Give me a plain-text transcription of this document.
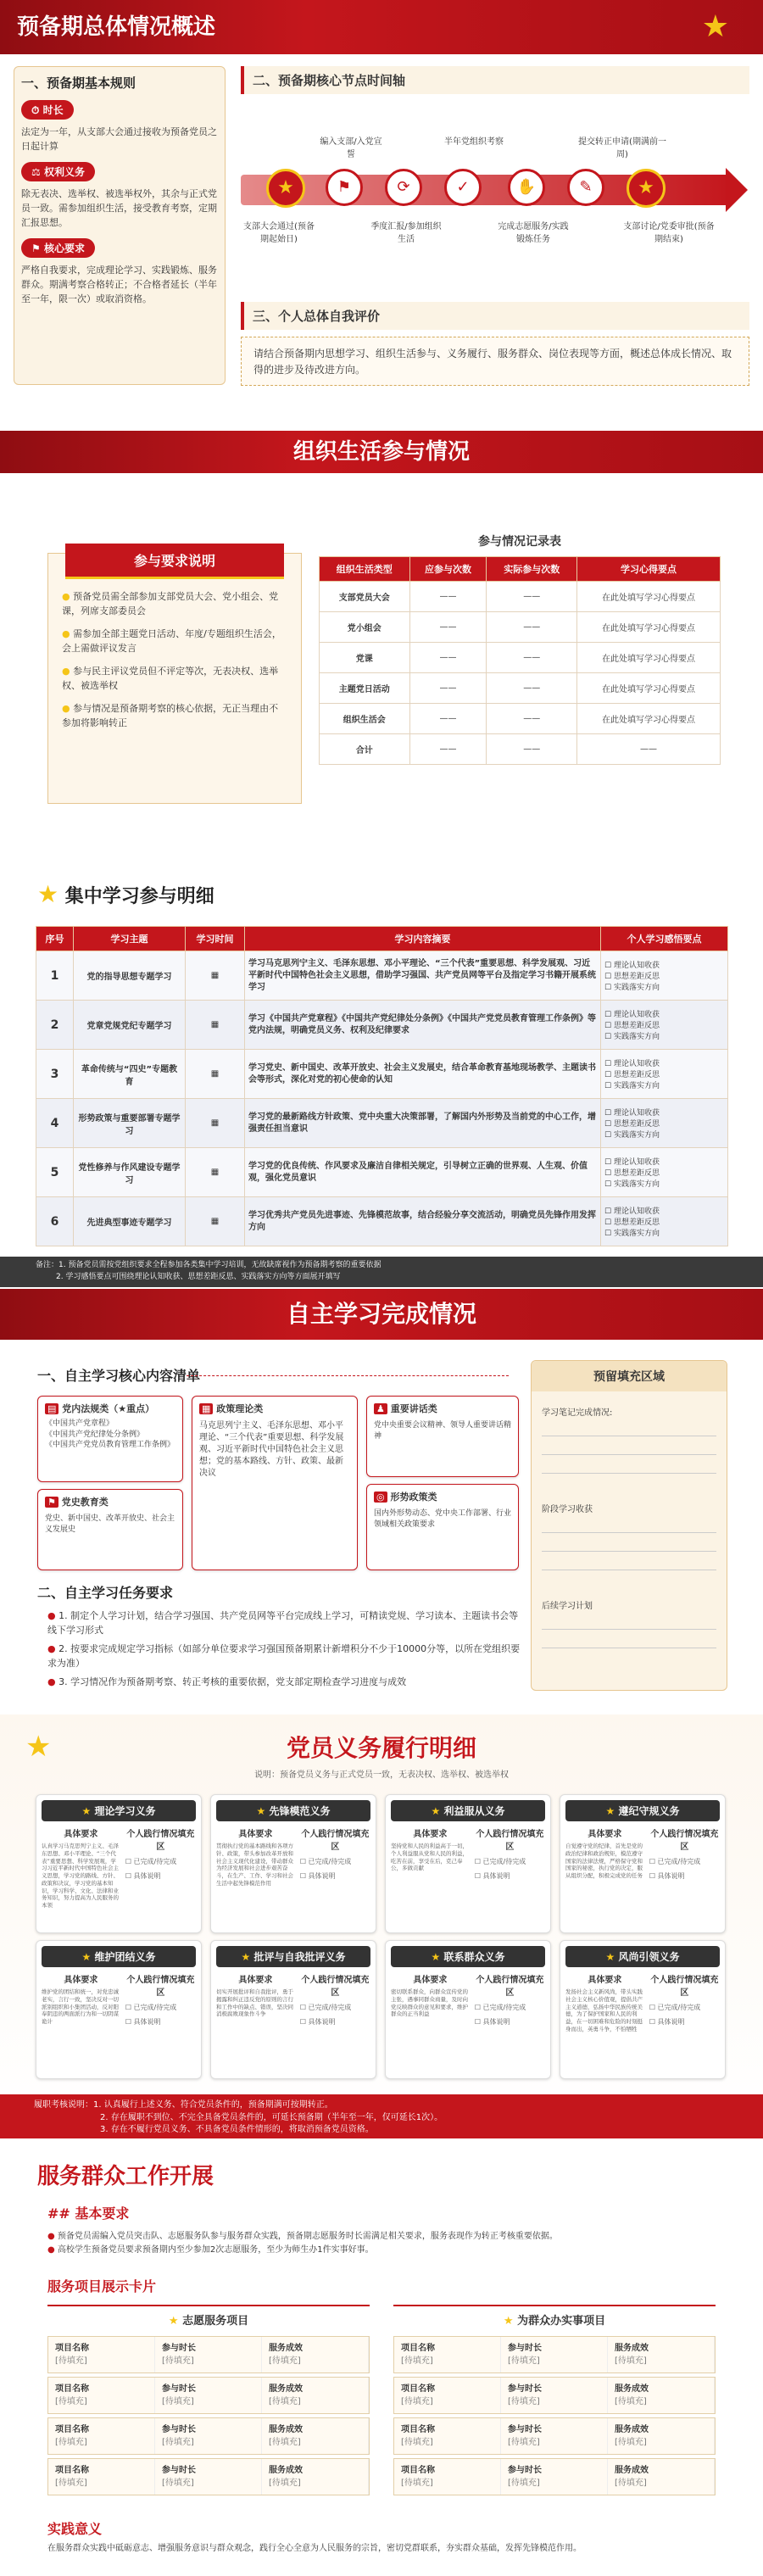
预备期总体情况概述	★
一、预备期基本规则
⏱ 时长
法定为一年，从支部大会通过接收为预备党员之日起计算
⚖ 权利义务
除无表决、选举权、被选举权外，其余与正式党员一致。需参加组织生活，接受教育考察，定期汇报思想。
⚑ 核心要求
严格自我要求，完成理论学习、实践锻炼、服务群众。期满考察合格转正；不合格者延长（半年至一年，限一次）或取消资格。
二、预备期核心节点时间轴
编入支部/入党宣誓
半年党组织考察	提交转正申请(期满前一周)
★	⚑	⟳	✓	✋	✎	★
支部大会通过(预备期起始日)
季度汇报/参加组织生活
完成志愿服务/实践锻炼任务
支部讨论/党委审批(预备期结束)
三、个人总体自我评价
请结合预备期内思想学习、组织生活参与、义务履行、服务群众、岗位表现等方面，概述总体成长情况、取得的进步及待改进方向。
组织生活参与情况
参与要求说明
● 预备党员需全部参加支部党员大会、党小组会、党课，列席支部委员会
● 需参加全部主题党日活动、年度/专题组织生活会，会上需做评议发言
● 参与民主评议党员但不评定等次，无表决权、选举权、被选举权
● 参与情况是预备期考察的核心依据，无正当理由不参加将影响转正
参与情况记录表
组织生活类型	应参与次数	实际参与次数	学习心得要点
支部党员大会	——	——	在此处填写学习心得要点
党小组会	——	——	在此处填写学习心得要点
党课	——	——	在此处填写学习心得要点
主题党日活动	——	——	在此处填写学习心得要点
组织生活会	——	——	在此处填写学习心得要点
合计	——	——	——
★ 集中学习参与明细
序号	学习主题	学习时间	学习内容摘要	个人学习感悟要点
1	党的指导思想专题学习	▦	学习马克思列宁主义、毛泽东思想、邓小平理论、“三个代表”重要思想、科学发展观、习近平新时代中国特色社会主义思想，借助学习强国、共产党员网等平台及指定学习书籍开展系统学习	☐ 理论认知收获
☐ 思想差距反思
☐ 实践落实方向

2	党章党规党纪专题学习	▦	学习《中国共产党章程》《中国共产党纪律处分条例》《中国共产党党员教育管理工作条例》等党内法规，明确党员义务、权利及纪律要求	☐ 理论认知收获
☐ 思想差距反思
☐ 实践落实方向

3	革命传统与“四史”专题教育	▦	学习党史、新中国史、改革开放史、社会主义发展史，结合革命教育基地现场教学、主题读书会等形式，深化对党的初心使命的认知	☐ 理论认知收获
☐ 思想差距反思
☐ 实践落实方向

4	形势政策与重要部署专题学习	▦	学习党的最新路线方针政策、党中央重大决策部署，了解国内外形势及当前党的中心工作，增强责任担当意识	☐ 理论认知收获
☐ 思想差距反思
☐ 实践落实方向

5	党性修养与作风建设专题学习	▦	学习党的优良传统、作风要求及廉洁自律相关规定，引导树立正确的世界观、人生观、价值观，强化党员意识	☐ 理论认知收获
☐ 思想差距反思
☐ 实践落实方向

6	先进典型事迹专题学习	▦	学习优秀共产党员先进事迹、先锋模范故事，结合经验分享交流活动，明确党员先锋作用发挥方向	☐ 理论认知收获
☐ 思想差距反思
☐ 实践落实方向
备注：1. 预备党员需按党组织要求全程参加各类集中学习培训，无故缺席视作为预备期考察的重要依据
2. 学习感悟要点可围绕理论认知收获、思想差距反思、实践落实方向等方面展开填写
自主学习完成情况
一、自主学习核心内容清单
▤ 党内法规类（★重点）
《中国共产党章程》
《中国共产党纪律处分条例》
《中国共产党党员教育管理工作条例》
⚑ 党史教育类
党史、新中国史、改革开放史、社会主义发展史
▦ 政策理论类
马克思列宁主义、毛泽东思想、邓小平理论、“三个代表”重要思想、科学发展观、习近平新时代中国特色社会主义思想；党的基本路线、方针、政策、最新决议
♟ 重要讲话类
党中央重要会议精神、领导人重要讲话精神
◎ 形势政策类
国内外形势动态、党中央工作部署、行业领域相关政策要求
二、自主学习任务要求
● 1. 制定个人学习计划，结合学习强国、共产党员网等平台完成线上学习，可精读党规、学习读本、主题读书会等线下学习形式
● 2. 按要求完成规定学习指标（如部分单位要求学习强国预备期累计新增积分不少于10000分等，以所在党组织要求为准）
● 3. 学习情况作为预备期考察、转正考核的重要依据，党支部定期检查学习进度与成效
预留填充区域
学习笔记完成情况:
阶段学习收获
后续学习计划
★	党员义务履行明细
说明：预备党员义务与正式党员一致，无表决权、选举权、被选举权
★ 理论学习义务
具体要求
认真学习马克思列宁主义、毛泽东思想、邓小平理论、“三个代表”重要思想、科学发展观，学习习近平新时代中国特色社会主义思想，学习党的路线、方针、政策和决议，学习党的基本知识，学习科学、文化、法律和业务知识，努力提高为人民服务的本领
个人践行情况填充区
☐ 已完成/待完成
☐ 具体说明
★ 先锋模范义务
具体要求
贯彻执行党的基本路线和各项方针、政策，带头参加改革开放和社会主义现代化建设，带动群众为经济发展和社会进步艰苦奋斗，在生产、工作、学习和社会生活中起先锋模范作用
个人践行情况填充区
☐ 已完成/待完成
☐ 具体说明
★ 利益服从义务
具体要求
坚持党和人民的利益高于一切，个人利益服从党和人民的利益，吃苦在前，享受在后，克己奉公，多做贡献
个人践行情况填充区
☐ 已完成/待完成
☐ 具体说明
★ 遵纪守规义务
具体要求
自觉遵守党的纪律，首先是党的政治纪律和政治规矩，模范遵守国家的法律法规，严格保守党和国家的秘密，执行党的决定，服从组织分配，积极完成党的任务
个人践行情况填充区
☐ 已完成/待完成
☐ 具体说明
★ 维护团结义务
具体要求
维护党的团结和统一，对党忠诚老实，言行一致，坚决反对一切派别组织和小集团活动，反对阳奉阴违的两面派行为和一切阴谋诡计
个人践行情况填充区
☐ 已完成/待完成
☐ 具体说明
★ 批评与自我批评义务
具体要求
切实开展批评和自我批评，勇于揭露和纠正违反党的原则的言行和工作中的缺点、错误，坚决同消极腐败现象作斗争
个人践行情况填充区
☐ 已完成/待完成
☐ 具体说明
★ 联系群众义务
具体要求
密切联系群众，向群众宣传党的主张，遇事同群众商量，及时向党反映群众的意见和要求，维护群众的正当利益
个人践行情况填充区
☐ 已完成/待完成
☐ 具体说明
★ 风尚引领义务
具体要求
发扬社会主义新风尚，带头实践社会主义核心价值观，提倡共产主义道德，弘扬中华民族传统美德，为了保护国家和人民的利益，在一切困难和危险的时刻挺身而出，英勇斗争，不怕牺牲
个人践行情况填充区
☐ 已完成/待完成
☐ 具体说明
履职考核说明：1. 认真履行上述义务、符合党员条件的，预备期满可按期转正。
2. 存在履职不到位、不完全具备党员条件的，可延长预备期（半年至一年，仅可延长1次）。
3. 存在不履行党员义务、不具备党员条件情形的，将取消预备党员资格。
服务群众工作开展
## 基本要求
● 预备党员需编入党员突击队、志愿服务队参与服务群众实践，预备期志愿服务时长需满足相关要求，服务表现作为转正考核重要依据。
● 高校学生预备党员要求预备期内至少参加2次志愿服务，至少为师生办1件实事好事。
服务项目展示卡片
★ 志愿服务项目
项目名称
[待填充]
参与时长
[待填充]
服务成效
[待填充]
项目名称
[待填充]
参与时长
[待填充]
服务成效
[待填充]
项目名称
[待填充]
参与时长
[待填充]
服务成效
[待填充]
项目名称
[待填充]
参与时长
[待填充]
服务成效
[待填充]
★ 为群众办实事项目
项目名称
[待填充]
参与时长
[待填充]
服务成效
[待填充]
项目名称
[待填充]
参与时长
[待填充]
服务成效
[待填充]
项目名称
[待填充]
参与时长
[待填充]
服务成效
[待填充]
项目名称
[待填充]
参与时长
[待填充]
服务成效
[待填充]
实践意义
在服务群众实践中砥砺意志、增强服务意识与群众观念，践行全心全意为人民服务的宗旨，密切党群联系，夯实群众基础，发挥先锋模范作用。
